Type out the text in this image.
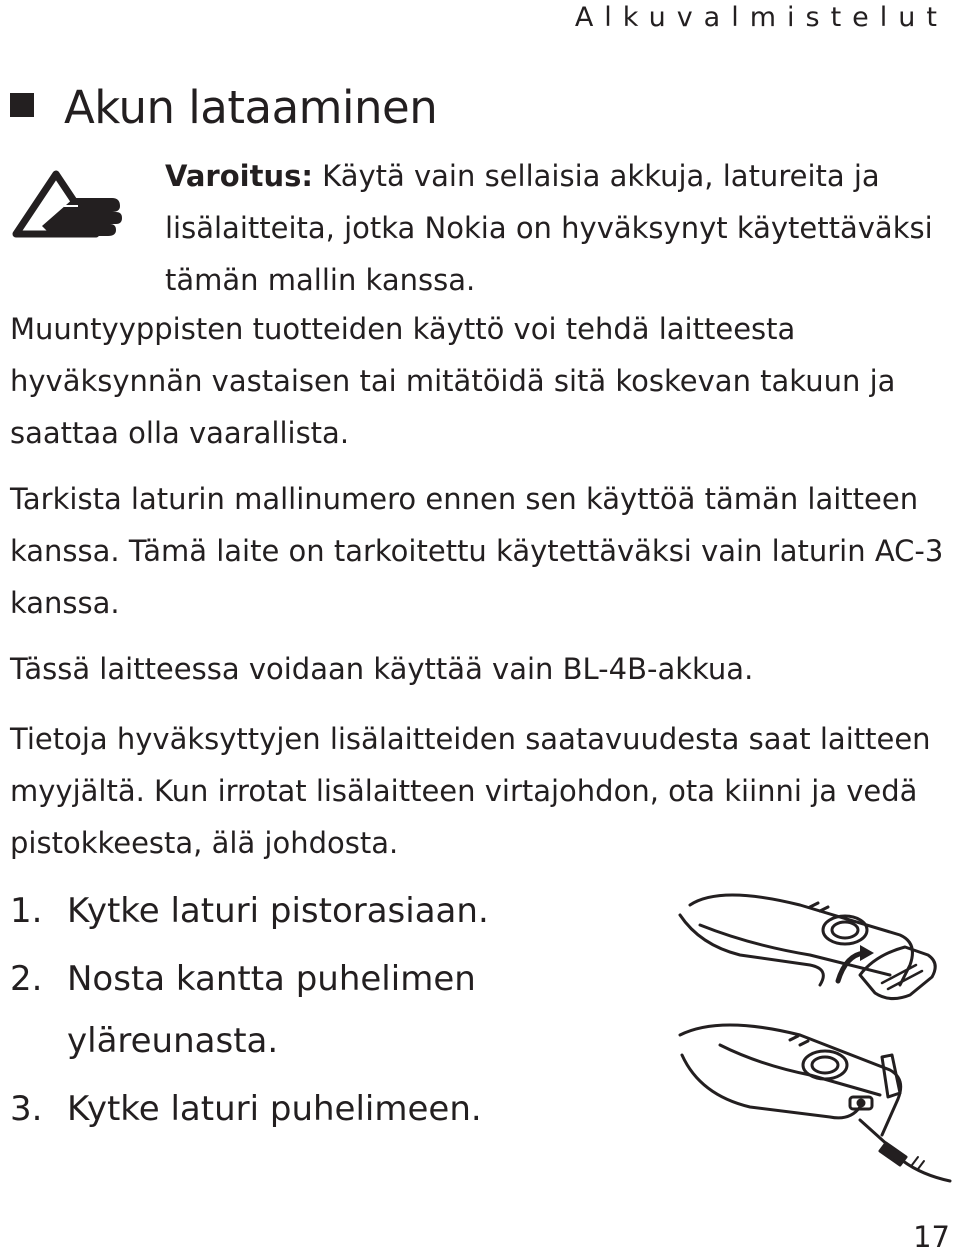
Alkuvalmistelut

Akun lataaminen

Varoitus: Käytä vain sellaisia akkuja, latureita ja lisälaitteita, jotka Nokia on hyväksynyt käytettäväksi tämän mallin kanssa.

Muuntyyppisten tuotteiden käyttö voi tehdä laitteesta hyväksynnän vastaisen tai mitätöidä sitä koskevan takuun ja saattaa olla vaarallista.

Tarkista laturin mallinumero ennen sen käyttöä tämän laitteen kanssa. Tämä laite on tarkoitettu käytettäväksi vain laturin AC-3 kanssa.

Tässä laitteessa voidaan käyttää vain BL-4B-akkua.

Tietoja hyväksyttyjen lisälaitteiden saatavuudesta saat laitteen myyjältä. Kun irrotat lisälaitteen virtajohdon, ota kiinni ja vedä pistokkeesta, älä johdosta.

1. Kytke laturi pistorasiaan.
2. Nosta kantta puhelimen yläreunasta.
3. Kytke laturi puhelimeen.

17
